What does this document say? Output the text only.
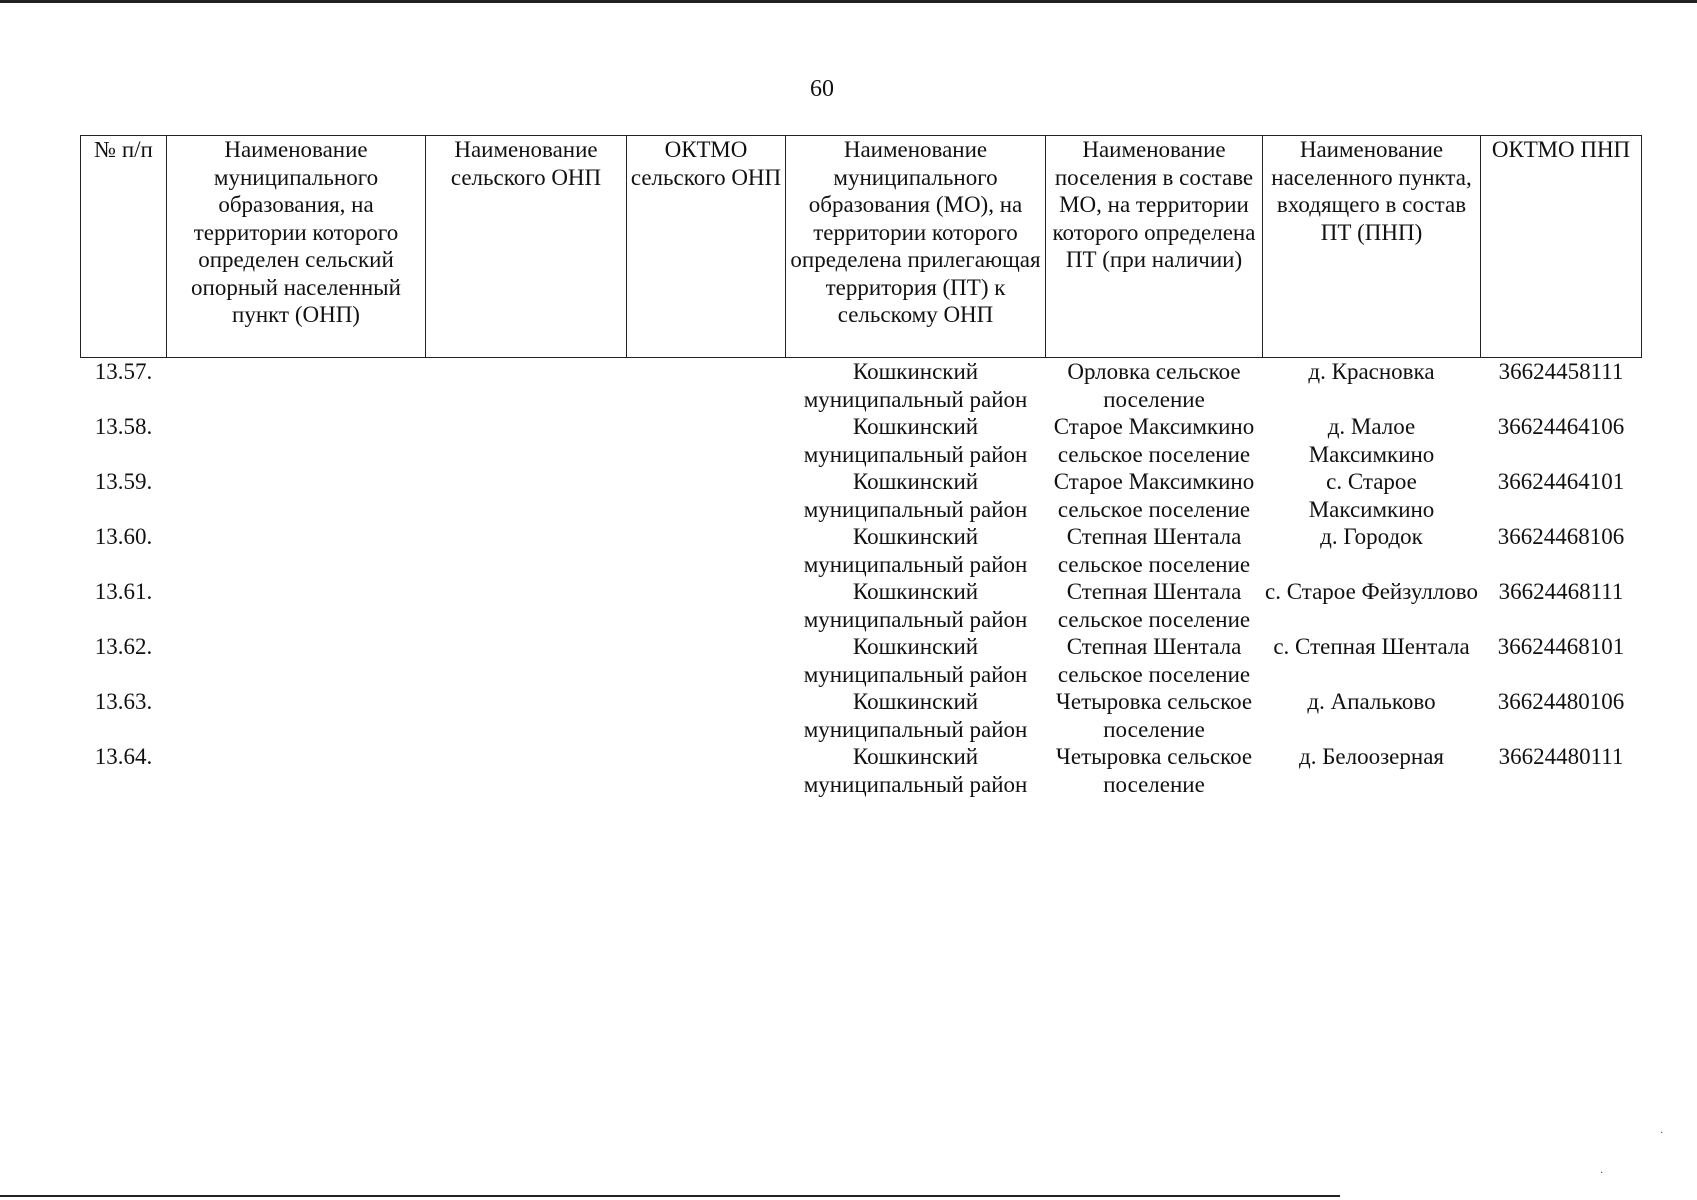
60
№ п/п	Наименование муниципального образования, на территории которого определен сельский опорный населенный пункт (ОНП)	Наименование сельского ОНП	ОКТМО сельского ОНП	Наименование муниципального образования (МО), на территории которого определена прилегающая территория (ПТ) к сельскому ОНП	Наименование поселения в составе МО, на территории которого определена ПТ (при наличии)	Наименование населенного пункта, входящего в состав ПТ (ПНП)	ОКТМО ПНП
13.57.				Кошкинский муниципальный район	Орловка сельское поселение	д. Красновка	36624458111
13.58.				Кошкинский муниципальный район	Старое Максимкино сельское поселение	д. Малое Максимкино	36624464106
13.59.				Кошкинский муниципальный район	Старое Максимкино сельское поселение	с. Старое Максимкино	36624464101
13.60.				Кошкинский муниципальный район	Степная Шентала сельское поселение	д. Городок	36624468106
13.61.				Кошкинский муниципальный район	Степная Шентала сельское поселение	с. Старое Фейзуллово	36624468111
13.62.				Кошкинский муниципальный район	Степная Шентала сельское поселение	с. Степная Шентала	36624468101
13.63.				Кошкинский муниципальный район	Четыровка сельское поселение	д. Апальково	36624480106
13.64.				Кошкинский муниципальный район	Четыровка сельское поселение	д. Белоозерная	36624480111
·
·
